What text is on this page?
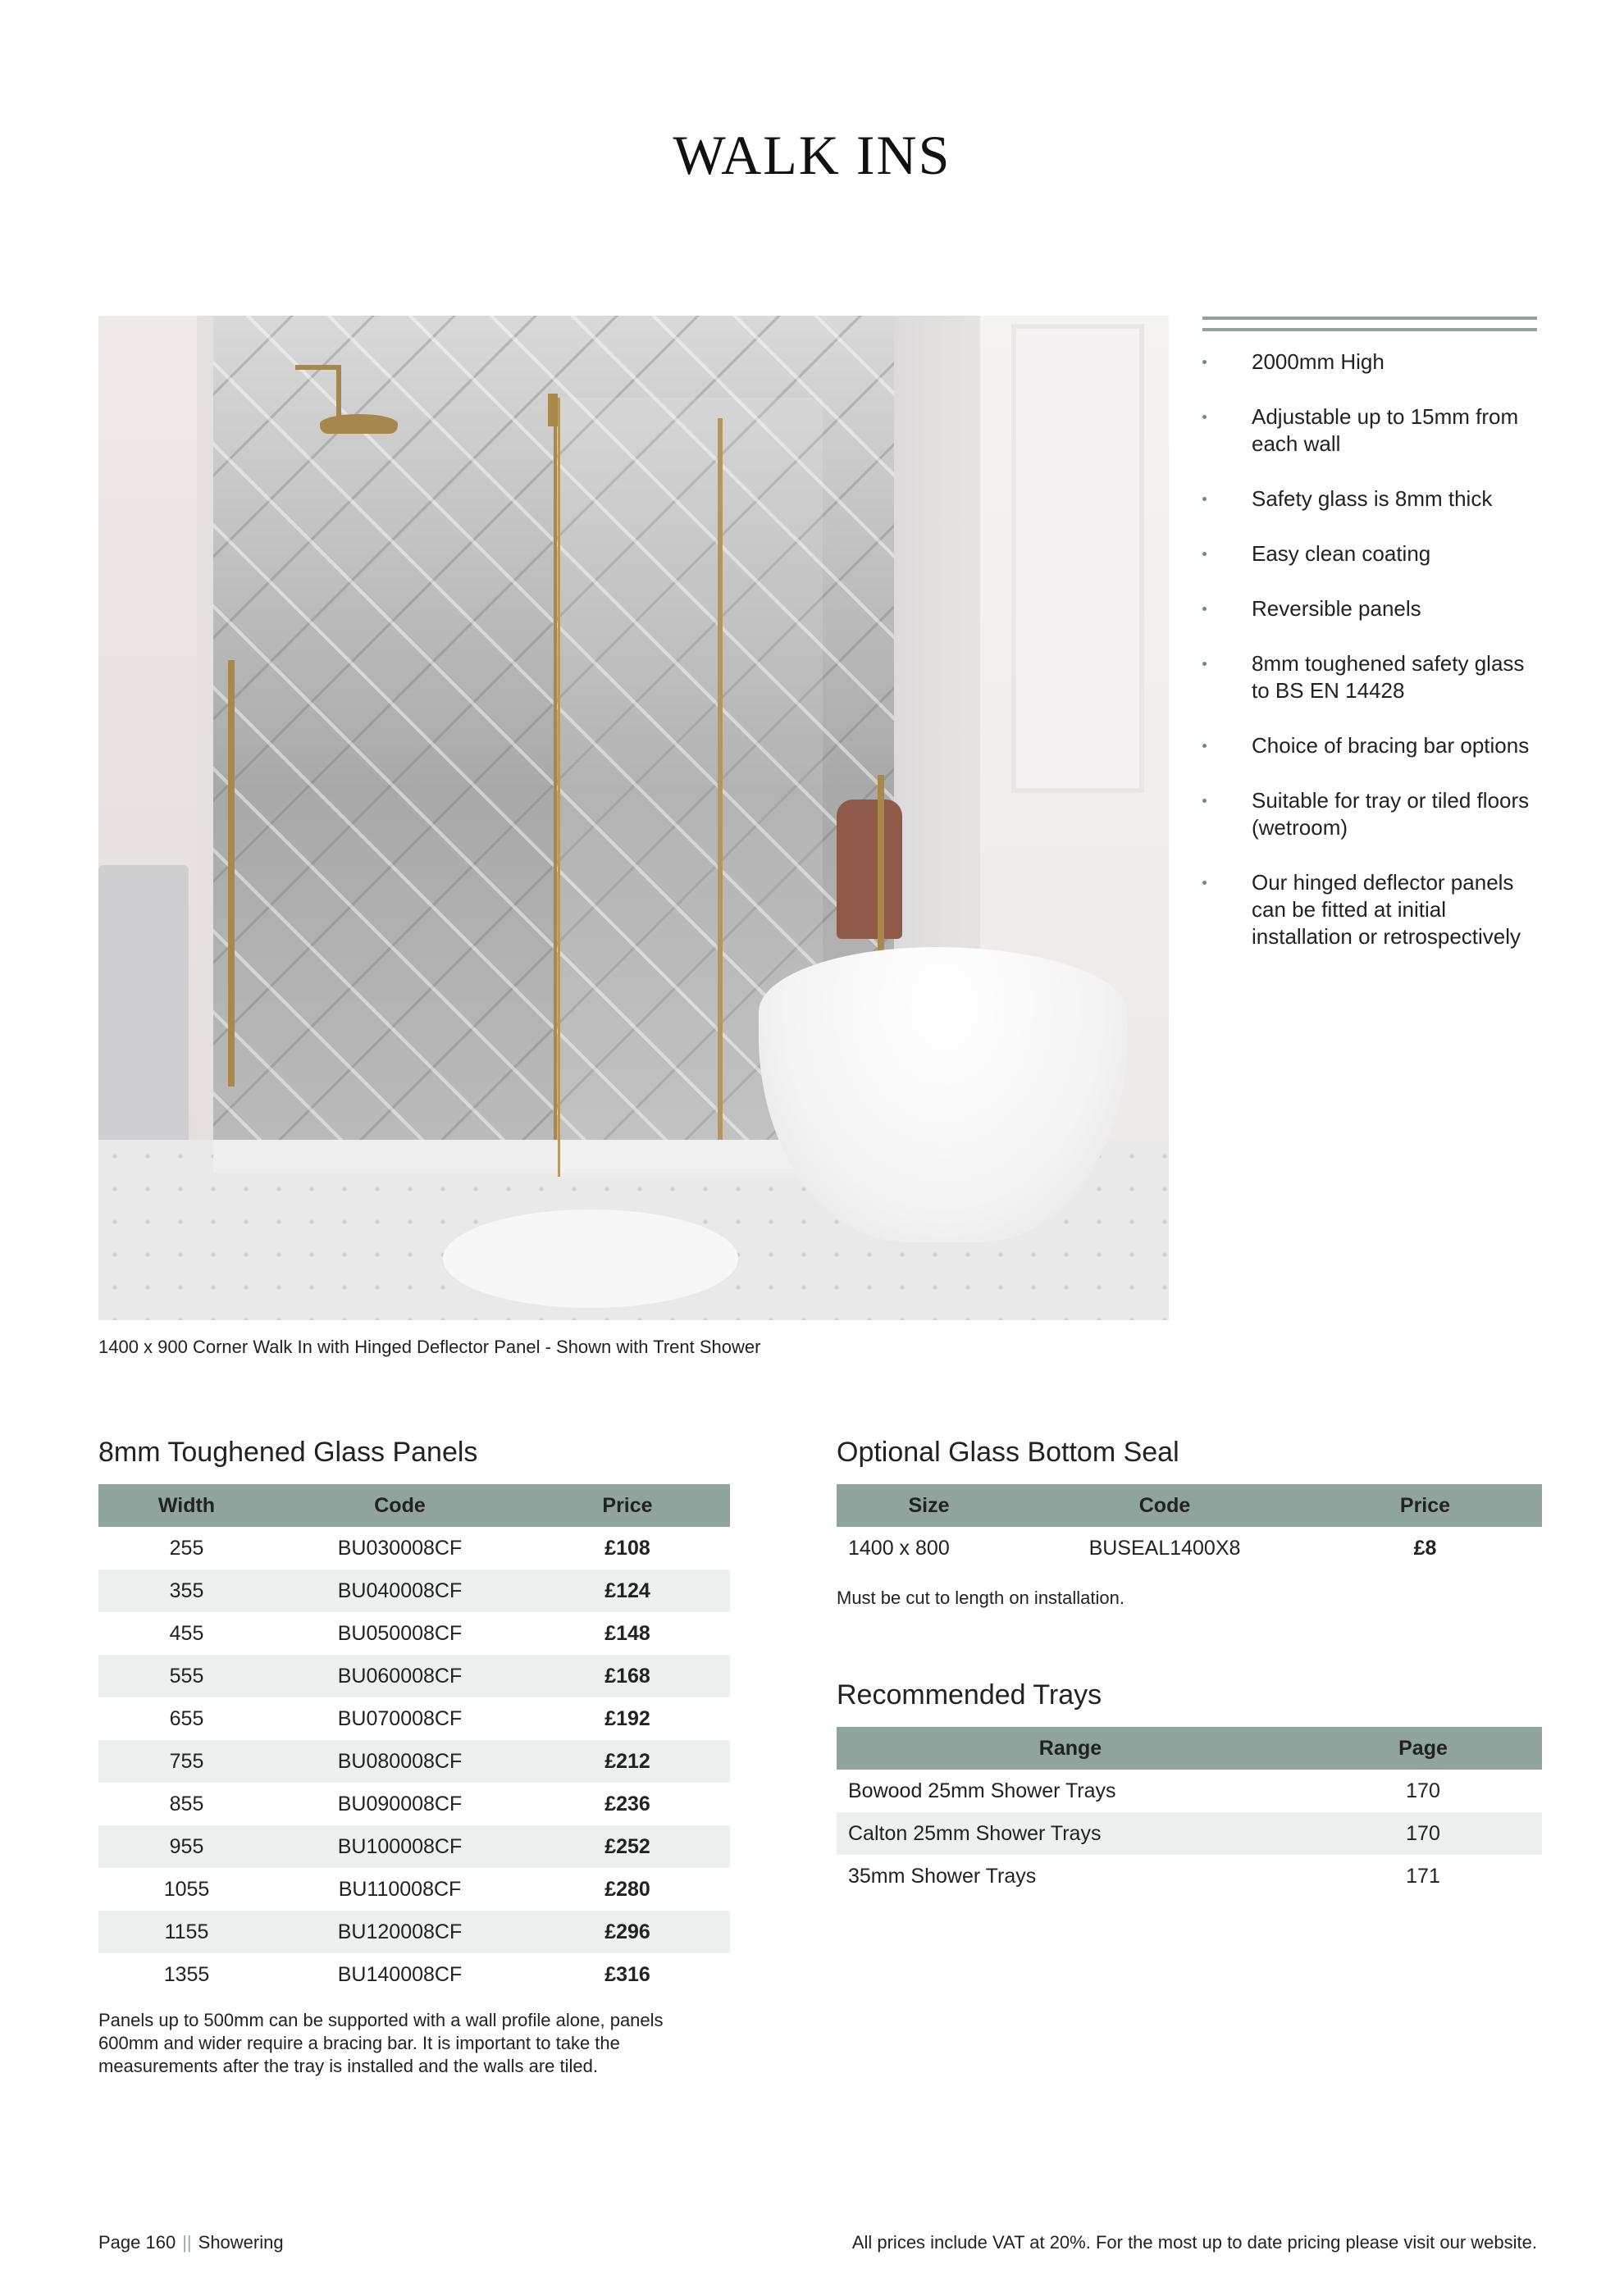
WALK INS
1400 x 900 Corner Walk In with Hinged Deflector Panel - Shown with Trent Shower
2000mm High
Adjustable up to 15mm from each wall
Safety glass is 8mm thick
Easy clean coating
Reversible panels
8mm toughened safety glass to BS EN 14428
Choice of bracing bar options
Suitable for tray or tiled floors (wetroom)
Our hinged deflector panels can be fitted at initial installation or retrospectively
8mm Toughened Glass Panels
Width	Code	Price
255	BU030008CF	£108
355	BU040008CF	£124
455	BU050008CF	£148
555	BU060008CF	£168
655	BU070008CF	£192
755	BU080008CF	£212
855	BU090008CF	£236
955	BU100008CF	£252
1055	BU110008CF	£280
1155	BU120008CF	£296
1355	BU140008CF	£316
Panels up to 500mm can be supported with a wall profile alone, panels 600mm and wider require a bracing bar. It is important to take the measurements after the tray is installed and the walls are tiled.
Optional Glass Bottom Seal
Size	Code	Price
1400 x 800	BUSEAL1400X8	£8
Must be cut to length on installation.
Recommended Trays
Range	Page
Bowood 25mm Shower Trays	170
Calton 25mm Shower Trays	170
35mm Shower Trays	171
Page 160 || Showering	All prices include VAT at 20%. For the most up to date pricing please visit our website.
